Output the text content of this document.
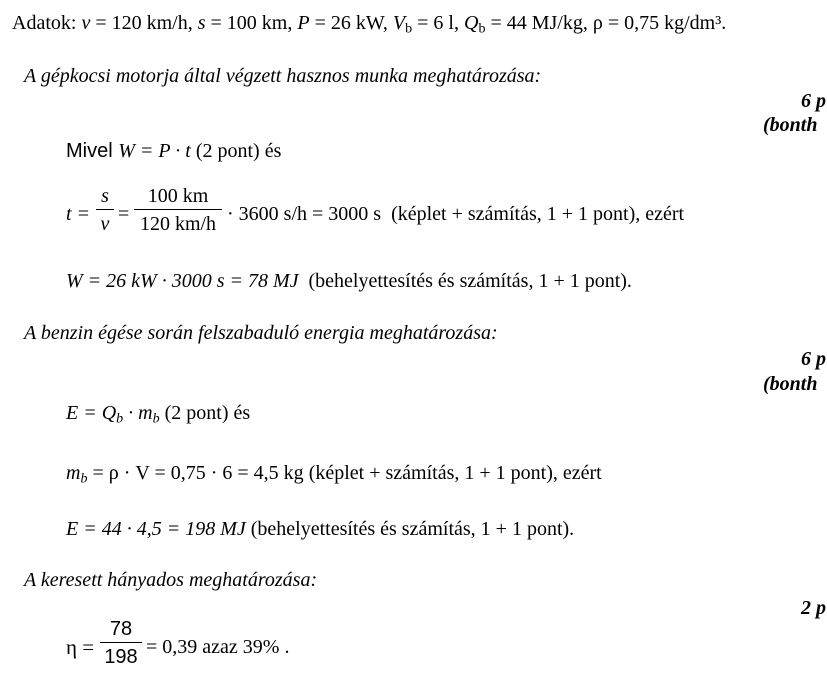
Adatok: v = 120 km/h, s = 100 km, P = 26 kW, $V_b = 6$ l, $Q_b = 44$ MJ/kg, ρ = 0,75 kg/dm³.
A gépkocsi motorja által végzett hasznos munka meghatározása:
6 p
(bonth
Mivel W = P · t (2 pont) és
t =
s
v =
100 km
120 km/h · 3600 s/h = 3000 s (képlet + számítás, 1 + 1 pont), ezért
W = 26 kW · 3000 s = 78 MJ (behelyettesítés és számítás, 1 + 1 pont).
A benzin égése során felszabaduló energia meghatározása:
6 p
(bonth
$E = Q_b \cdot m_b$ (2 pont) és
$m_b = \rho \cdot V = 0,75 \cdot 6 = 4,5$ kg (képlet + számítás, 1 + 1 pont), ezért
E = 44 · 4,5 = 198 MJ (behelyettesítés és számítás, 1 + 1 pont).
A keresett hányados meghatározása:
2 p
η =
78
198 = 0,39 azaz 39% .
